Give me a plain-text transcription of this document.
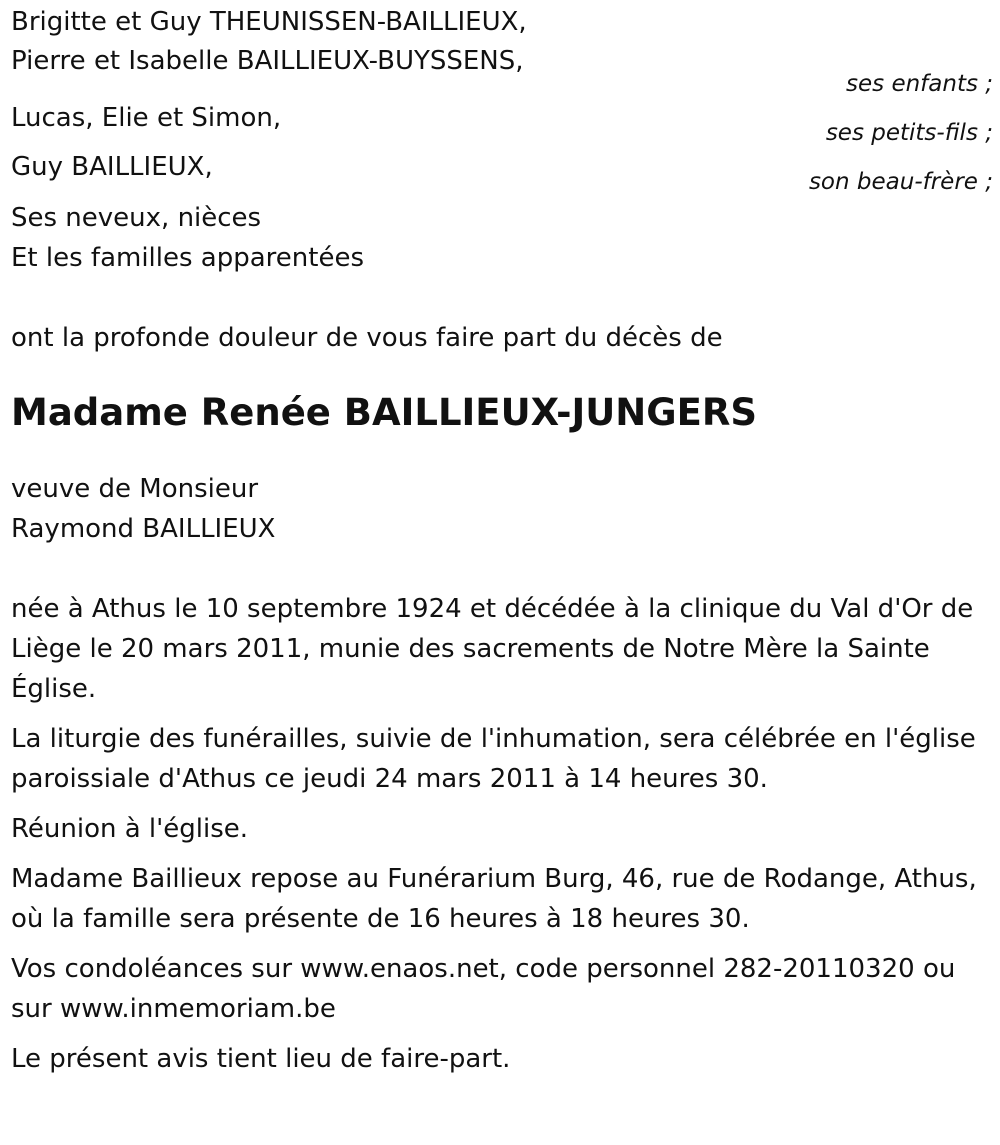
Brigitte et Guy THEUNISSEN-BAILLIEUX,
Pierre et Isabelle BAILLIEUX-BUYSSENS,
ses enfants ;
Lucas, Elie et Simon,	ses petits-fils ;
Guy BAILLIEUX,	son beau-frère ;
Ses neveux, nièces
Et les familles apparentées
ont la profonde douleur de vous faire part du décès de
Madame Renée BAILLIEUX-JUNGERS
veuve de Monsieur
Raymond BAILLIEUX
née à Athus le 10 septembre 1924 et décédée à la clinique du Val d'Or de Liège le 20 mars 2011, munie des sacrements de Notre Mère la Sainte Église.
La liturgie des funérailles, suivie de l'inhumation, sera célébrée en l'église paroissiale d'Athus ce jeudi 24 mars 2011 à 14 heures 30.
Réunion à l'église.
Madame Baillieux repose au Funérarium Burg, 46, rue de Rodange, Athus, où la famille sera présente de 16 heures à 18 heures 30.
Vos condoléances sur www.enaos.net, code personnel 282-20110320 ou sur www.inmemoriam.be
Le présent avis tient lieu de faire-part.
